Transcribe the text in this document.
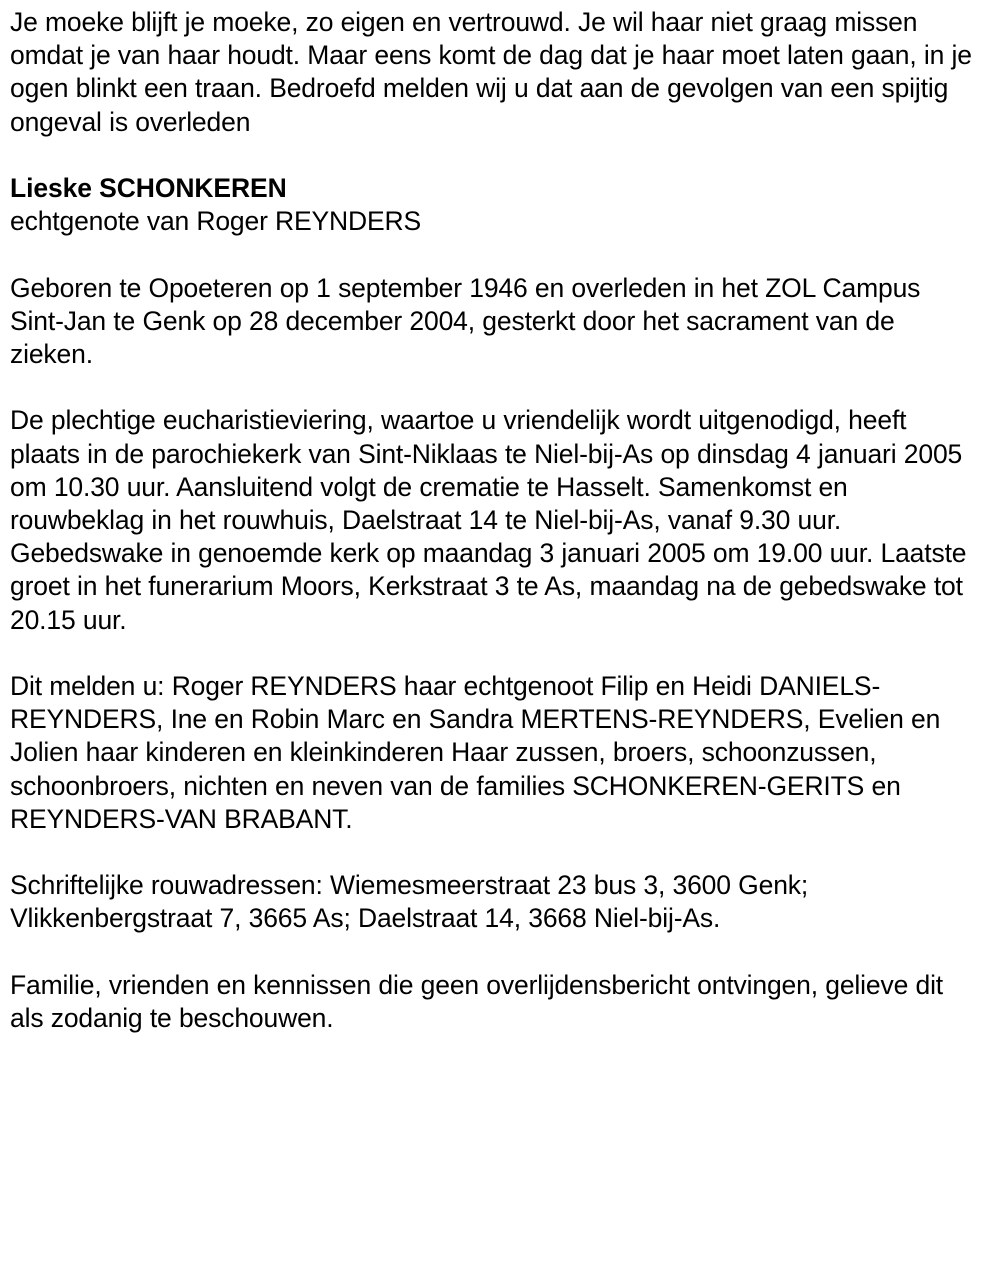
Je moeke blijft je moeke, zo eigen en vertrouwd. Je wil haar niet graag missen omdat je van haar houdt. Maar eens komt de dag dat je haar moet laten gaan, in je ogen blinkt een traan. Bedroefd melden wij u dat aan de gevolgen van een spijtig ongeval is overleden

Lieske SCHONKEREN

echtgenote van Roger REYNDERS

Geboren te Opoeteren op 1 september 1946 en overleden in het ZOL Campus Sint-Jan te Genk op 28 december 2004, gesterkt door het sacrament van de zieken.

De plechtige eucharistieviering, waartoe u vriendelijk wordt uitgenodigd, heeft plaats in de parochiekerk van Sint-Niklaas te Niel-bij-As op dinsdag 4 januari 2005 om 10.30 uur. Aansluitend volgt de crematie te Hasselt. Samenkomst en rouwbeklag in het rouwhuis, Daelstraat 14 te Niel-bij-As, vanaf 9.30 uur. Gebedswake in genoemde kerk op maandag 3 januari 2005 om 19.00 uur. Laatste groet in het funerarium Moors, Kerkstraat 3 te As, maandag na de gebedswake tot 20.15 uur.

Dit melden u: Roger REYNDERS haar echtgenoot Filip en Heidi DANIELS-REYNDERS, Ine en Robin Marc en Sandra MERTENS-REYNDERS, Evelien en Jolien haar kinderen en kleinkinderen Haar zussen, broers, schoonzussen, schoonbroers, nichten en neven van de families SCHONKEREN-GERITS en REYNDERS-VAN BRABANT.

Schriftelijke rouwadressen: Wiemesmeerstraat 23 bus 3, 3600 Genk; Vlikkenbergstraat 7, 3665 As; Daelstraat 14, 3668 Niel-bij-As.

Familie, vrienden en kennissen die geen overlijdensbericht ontvingen, gelieve dit als zodanig te beschouwen.
